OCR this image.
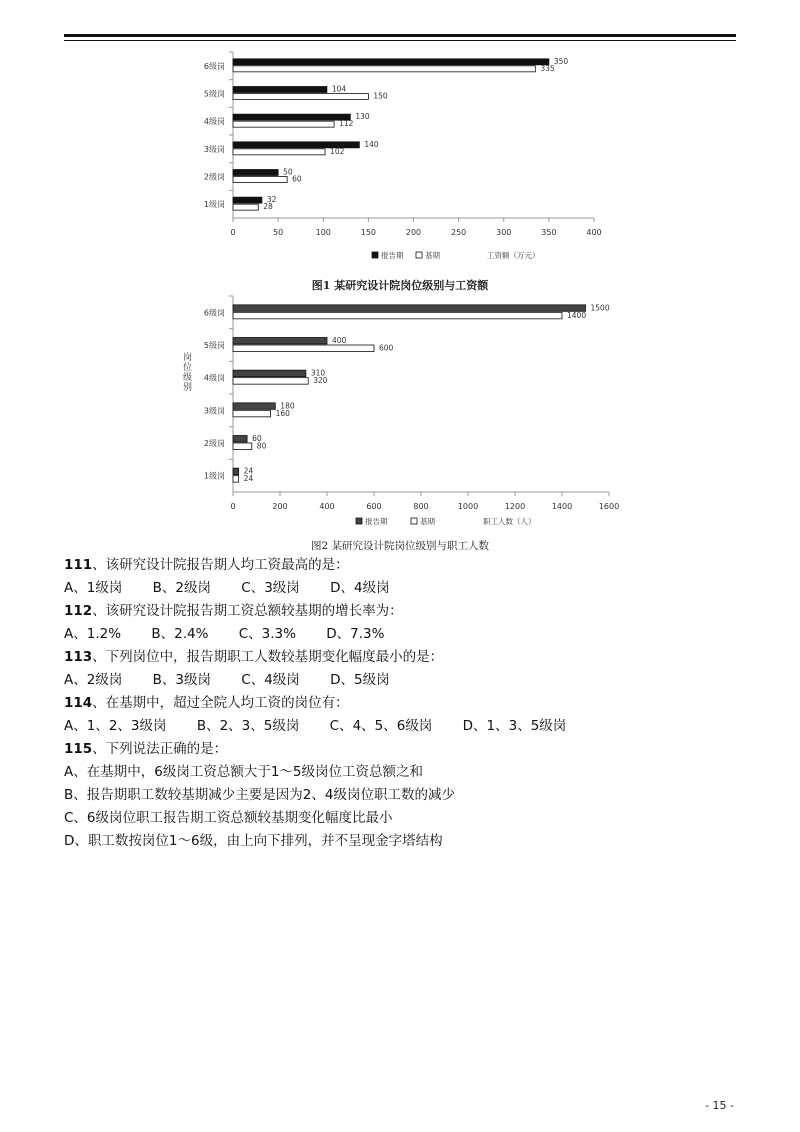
0	50	100	150	200	250	300	350	400
6级岗
350
335
5级岗
104
150
4级岗
130
112
3级岗
140
102
2级岗
50
60
1级岗
32
28
报告期	基期	工资额（万元）
图1 某研究设计院岗位级别与工资额
0	200	400	600	800	1000	1200	1400	1600
6级岗
1500
1400
5级岗
400
600
4级岗
310
320
3级岗
180
160
2级岗
60
80
1级岗
24
24
报告期	基期	职工人数（人）
岗位级别
图2 某研究设计院岗位级别与职工人数
111、该研究设计院报告期人均工资最高的是：
A、1级岗 B、2级岗 C、3级岗 D、4级岗
112、该研究设计院报告期工资总额较基期的增长率为：
A、1.2% B、2.4% C、3.3% D、7.3%
113、下列岗位中，报告期职工人数较基期变化幅度最小的是：
A、2级岗 B、3级岗 C、4级岗 D、5级岗
114、在基期中，超过全院人均工资的岗位有：
A、1、2、3级岗 B、2、3、5级岗 C、4、5、6级岗 D、1、3、5级岗
115、下列说法正确的是：
A、在基期中，6级岗工资总额大于1～5级岗位工资总额之和
B、报告期职工数较基期减少主要是因为2、4级岗位职工数的减少
C、6级岗位职工报告期工资总额较基期变化幅度比最小
D、职工数按岗位1～6级，由上向下排列，并不呈现金字塔结构
- 15 -
